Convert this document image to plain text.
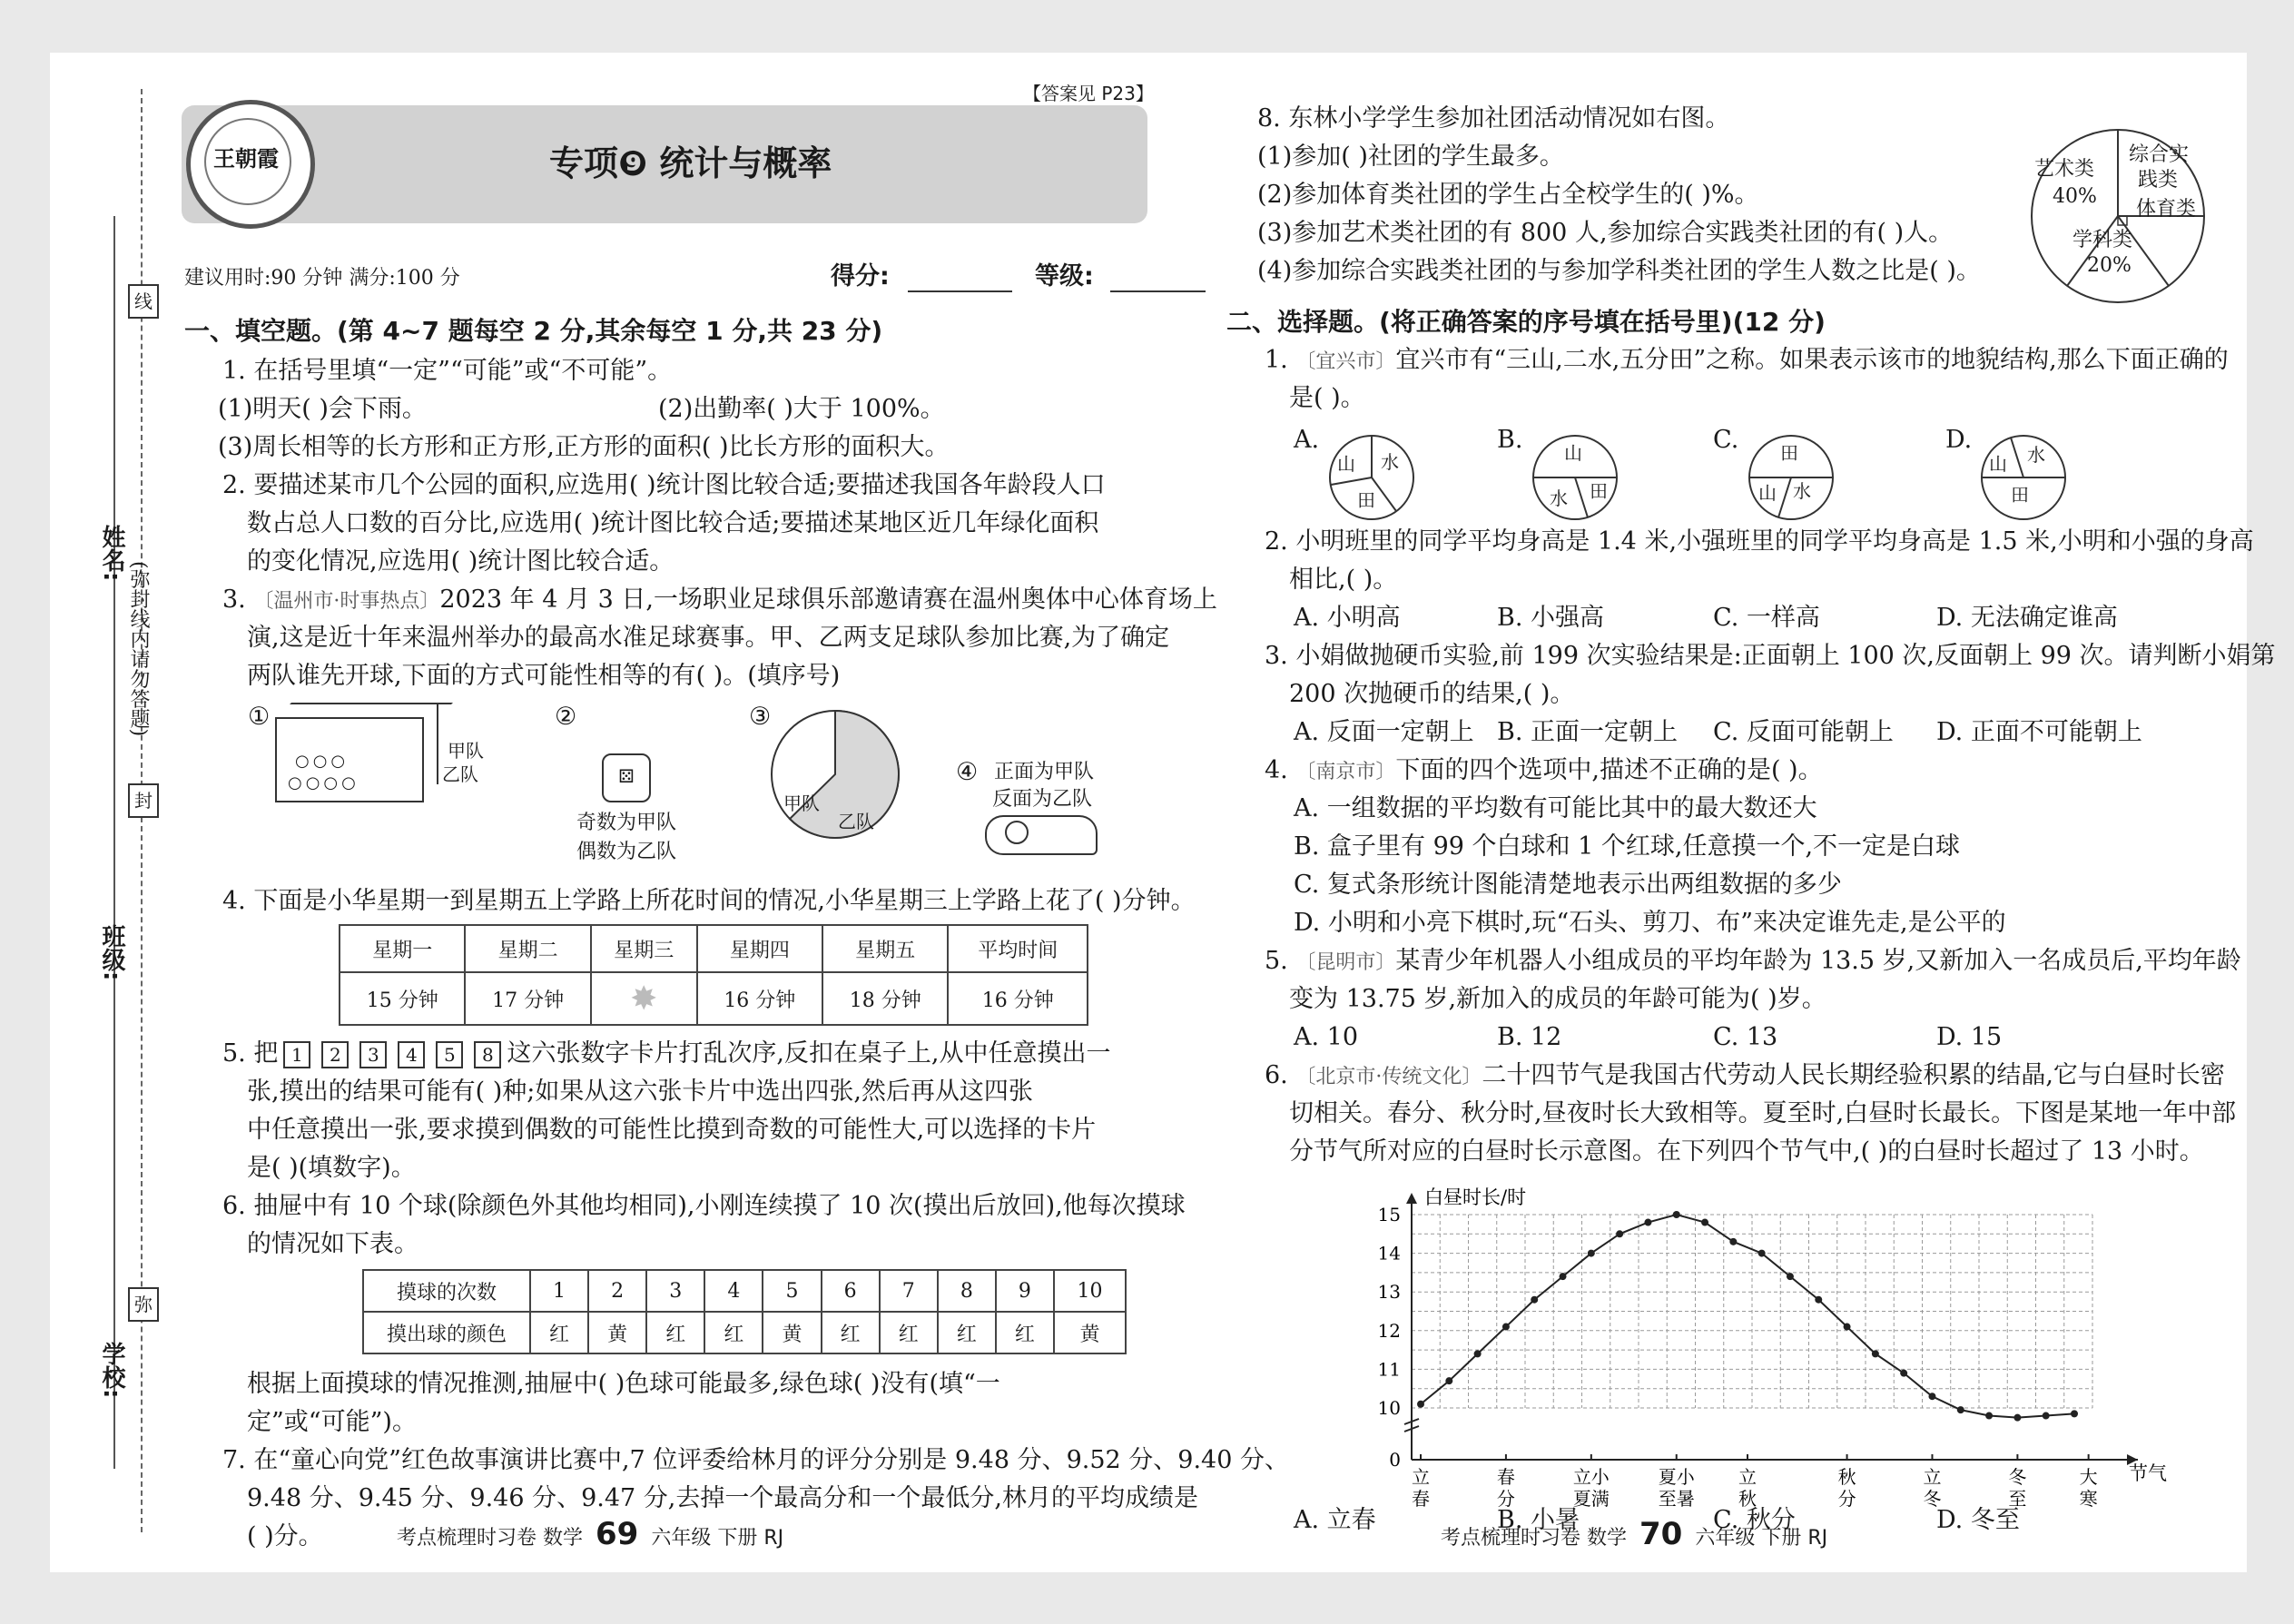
线
封
弥
(弥封线内请勿答题)
姓名:
班级:
学校:
【答案见 P23】
王朝霞	专项❾ 统计与概率
建议用时:90 分钟 满分:100 分	得分:	等级:
一、填空题。(第 4~7 题每空 2 分,其余每空 1 分,共 23 分)
1. 在括号里填“一定”“可能”或“不可能”。
(1)明天( )会下雨。	(2)出勤率( )大于 100%。
(3)周长相等的长方形和正方形,正方形的面积( )比长方形的面积大。
2. 要描述某市几个公园的面积,应选用( )统计图比较合适;要描述我国各年龄段人口
数占总人口数的百分比,应选用( )统计图比较合适;要描述某地区近几年绿化面积
的变化情况,应选用( )统计图比较合适。
3. 〔温州市·时事热点〕2023 年 4 月 3 日,一场职业足球俱乐部邀请赛在温州奥体中心体育场上
演,这是近十年来温州举办的最高水准足球赛事。甲、乙两支足球队参加比赛,为了确定
两队谁先开球,下面的方式可能性相等的有( )。(填序号)
①
○○○
○○○○
甲队
乙队
②
⚄
奇数为甲队
偶数为乙队
③
甲队
乙队
④ 正面为甲队
反面为乙队
4. 下面是小华星期一到星期五上学路上所花时间的情况,小华星期三上学路上花了( )分钟。
星期一	星期二	星期三	星期四	星期五	平均时间
15 分钟	17 分钟	✸	16 分钟	18 分钟	16 分钟
5. 把 1 2 3 4 5 8 这六张数字卡片打乱次序,反扣在桌子上,从中任意摸出一
张,摸出的结果可能有( )种;如果从这六张卡片中选出四张,然后再从这四张
中任意摸出一张,要求摸到偶数的可能性比摸到奇数的可能性大,可以选择的卡片
是( )(填数字)。
6. 抽屉中有 10 个球(除颜色外其他均相同),小刚连续摸了 10 次(摸出后放回),他每次摸球
的情况如下表。
摸球的次数	1	2	3	4	5	6	7	8	9	10
摸出球的颜色	红	黄	红	红	黄	红	红	红	红	黄
根据上面摸球的情况推测,抽屉中( )色球可能最多,绿色球( )没有(填“一
定”或“可能”)。
7. 在“童心向党”红色故事演讲比赛中,7 位评委给林月的评分分别是 9.48 分、9.52 分、9.40 分、
9.48 分、9.45 分、9.46 分、9.47 分,去掉一个最高分和一个最低分,林月的平均成绩是
( )分。	考点梳理时习卷 数学 69 六年级 下册 RJ
8. 东林小学学生参加社团活动情况如右图。
(1)参加( )社团的学生最多。
(2)参加体育类社团的学生占全校学生的( )%。
(3)参加艺术类社团的有 800 人,参加综合实践类社团的有( )人。
(4)参加综合实践类社团的与参加学科类社团的学生人数之比是( )。
艺术类
40%
综合实
践类
体育类
学科类
20%
二、选择题。(将正确答案的序号填在括号里)(12 分)
1. 〔宜兴市〕宜兴市有“三山,二水,五分田”之称。如果表示该市的地貌结构,那么下面正确的
是( )。
A.
山 水
田
B. 山
水 田
C. 田
山 水
D.
山 水
田
2. 小明班里的同学平均身高是 1.4 米,小强班里的同学平均身高是 1.5 米,小明和小强的身高
相比,( )。
A. 小明高	B. 小强高	C. 一样高	D. 无法确定谁高
3. 小娟做抛硬币实验,前 199 次实验结果是:正面朝上 100 次,反面朝上 99 次。请判断小娟第
200 次抛硬币的结果,( )。
A. 反面一定朝上 B. 正面一定朝上 C. 反面可能朝上 D. 正面不可能朝上
4. 〔南京市〕下面的四个选项中,描述不正确的是( )。
A. 一组数据的平均数有可能比其中的最大数还大
B. 盒子里有 99 个白球和 1 个红球,任意摸一个,不一定是白球
C. 复式条形统计图能清楚地表示出两组数据的多少
D. 小明和小亮下棋时,玩“石头、剪刀、布”来决定谁先走,是公平的
5. 〔昆明市〕某青少年机器人小组成员的平均年龄为 13.5 岁,又新加入一名成员后,平均年龄
变为 13.75 岁,新加入的成员的年龄可能为( )岁。
A. 10	B. 12	C. 13	D. 15
6. 〔北京市·传统文化〕二十四节气是我国古代劳动人民长期经验积累的结晶,它与白昼时长密
切相关。春分、秋分时,昼夜时长大致相等。夏至时,白昼时长最长。下图是某地一年中部
分节气所对应的白昼时长示意图。在下列四个节气中,( )的白昼时长超过了 13 小时。
0
10
11
12
13
14
15
白昼时长/时
节气
立
春
春
分
立小
夏满
夏小
至暑
立
秋
秋
分
立
冬
冬
至
大
寒
A. 立春	B. 小暑	C. 秋分	D. 冬至
考点梳理时习卷 数学 70 六年级 下册 RJ
